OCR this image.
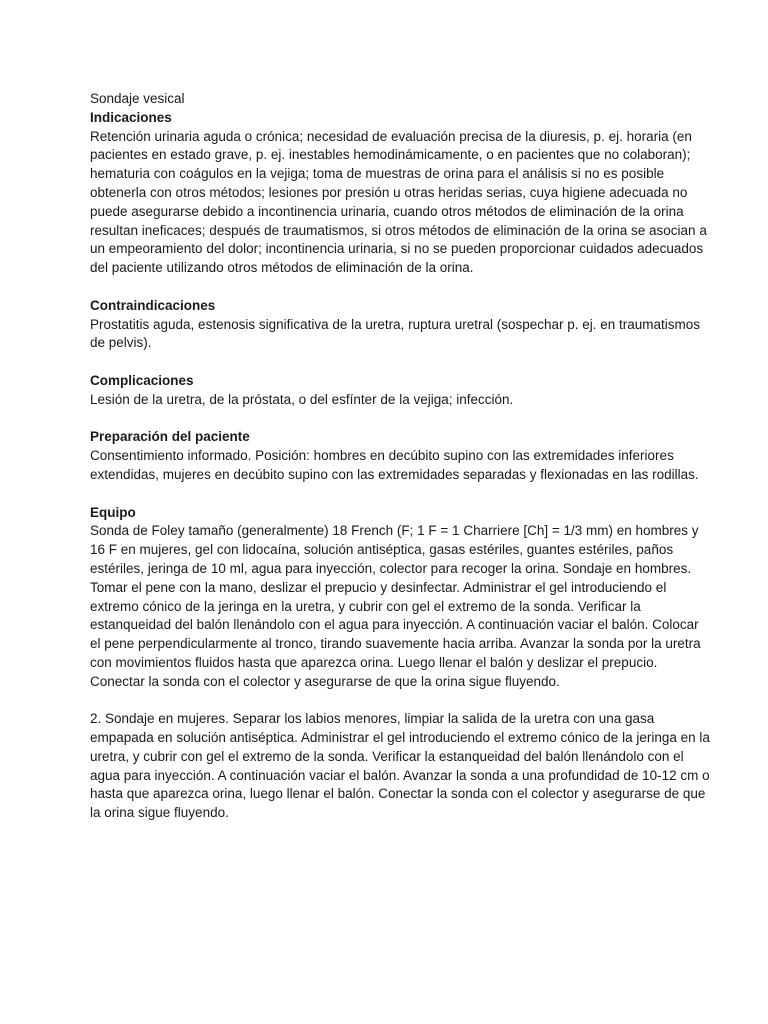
Sondaje vesical
Indicaciones

Retención urinaria aguda o crónica; necesidad de evaluación precisa de la diuresis, p. ej. horaria (en pacientes en estado grave, p. ej. inestables hemodinámicamente, o en pacientes que no colaboran); hematuria con coágulos en la vejiga; toma de muestras de orina para el análisis si no es posible obtenerla con otros métodos; lesiones por presión u otras heridas serias, cuya higiene adecuada no puede asegurarse debido a incontinencia urinaria, cuando otros métodos de eliminación de la orina resultan ineficaces; después de traumatismos, si otros métodos de eliminación de la orina se asocian a un empeoramiento del dolor; incontinencia urinaria, si no se pueden proporcionar cuidados adecuados del paciente utilizando otros métodos de eliminación de la orina.

Contraindicaciones

Prostatitis aguda, estenosis significativa de la uretra, ruptura uretral (sospechar p. ej. en traumatismos de pelvis).

Complicaciones

Lesión de la uretra, de la próstata, o del esfínter de la vejiga; infección.

Preparación del paciente

Consentimiento informado. Posición: hombres en decúbito supino con las extremidades inferiores extendidas, mujeres en decúbito supino con las extremidades separadas y flexionadas en las rodillas.

Equipo

Sonda de Foley tamaño (generalmente) 18 French (F; 1 F = 1 Charriere [Ch] = 1/3 mm) en hombres y 16 F en mujeres, gel con lidocaína, solución antiséptica, gasas estériles, guantes estériles, paños estériles, jeringa de 10 ml, agua para inyección, colector para recoger la orina. Sondaje en hombres. Tomar el pene con la mano, deslizar el prepucio y desinfectar. Administrar el gel introduciendo el extremo cónico de la jeringa en la uretra, y cubrir con gel el extremo de la sonda. Verificar la estanqueidad del balón llenándolo con el agua para inyección. A continuación vaciar el balón. Colocar el pene perpendicularmente al tronco, tirando suavemente hacia arriba. Avanzar la sonda por la uretra con movimientos fluidos hasta que aparezca orina. Luego llenar el balón y deslizar el prepucio. Conectar la sonda con el colector y asegurarse de que la orina sigue fluyendo.

2. Sondaje en mujeres. Separar los labios menores, limpiar la salida de la uretra con una gasa empapada en solución antiséptica. Administrar el gel introduciendo el extremo cónico de la jeringa en la uretra, y cubrir con gel el extremo de la sonda. Verificar la estanqueidad del balón llenándolo con el agua para inyección. A continuación vaciar el balón. Avanzar la sonda a una profundidad de 10-12 cm o hasta que aparezca orina, luego llenar el balón. Conectar la sonda con el colector y asegurarse de que la orina sigue fluyendo.
